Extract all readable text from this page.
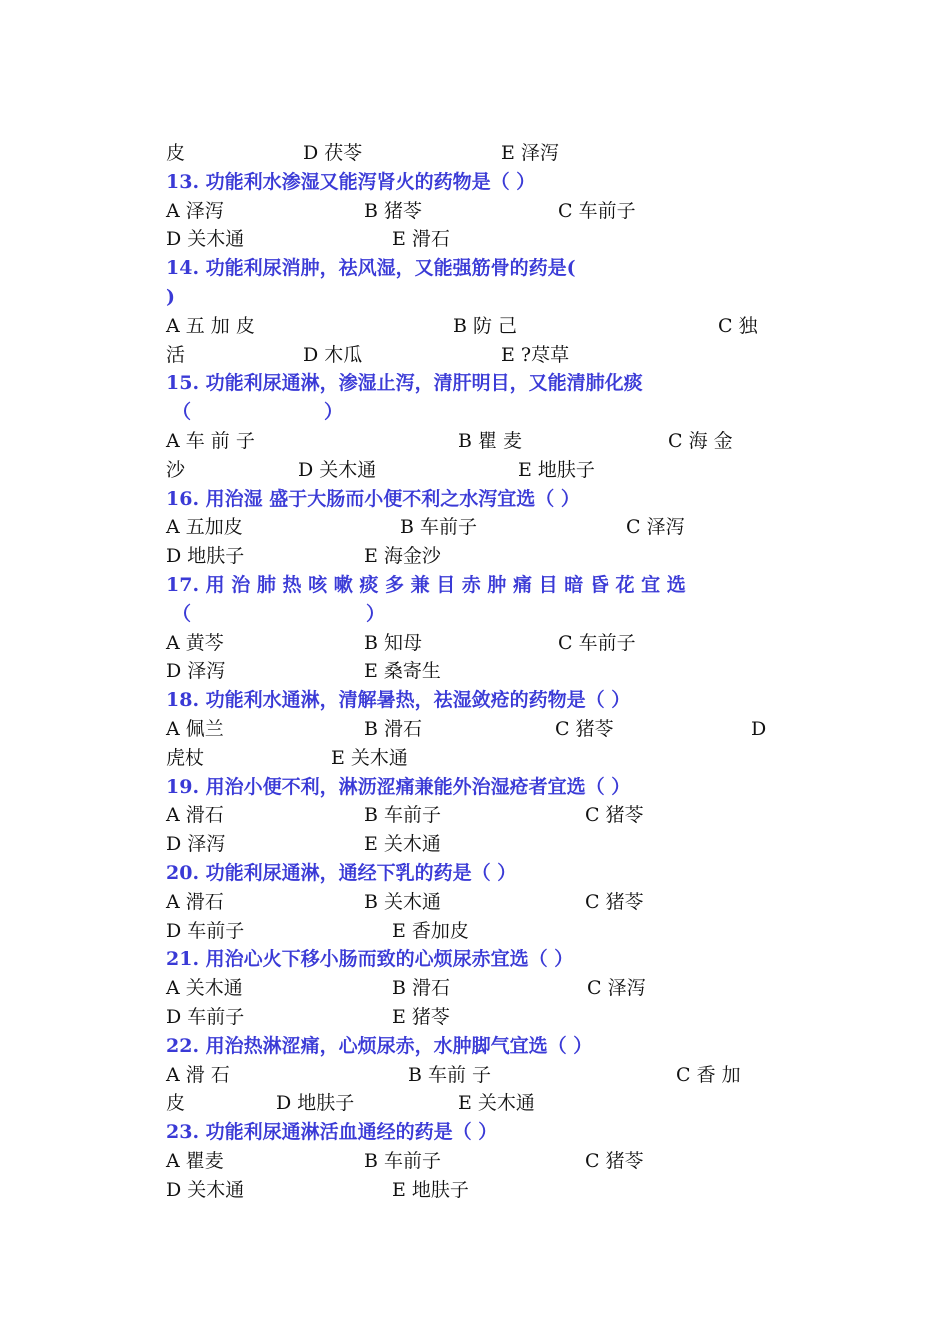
皮	D 茯苓	E 泽泻
13. 功能利水渗湿又能泻肾火的药物是（ ）
A 泽泻	B 猪苓	C 车前子
D 关木通	E 滑石
14. 功能利尿消肿，祛风湿，又能强筋骨的药是(
)
A 五 加 皮	B 防 己	C 独
活	D 木瓜	E ?荩草
15. 功能利尿通淋，渗湿止泻，清肝明目，又能清肺化痰
（	）
A 车 前 子	B 瞿 麦	C 海 金
沙	D 关木通	E 地肤子
16. 用治湿 盛于大肠而小便不利之水泻宜选（ ）
A 五加皮	B 车前子	C 泽泻
D 地肤子	E 海金沙
17. 用 治 肺 热 咳 嗽 痰 多 兼 目 赤 肿 痛 目 暗 昏 花 宜 选
（	）
A 黄芩	B 知母	C 车前子
D 泽泻	E 桑寄生
18. 功能利水通淋，清解暑热，祛湿敛疮的药物是（ ）
A 佩兰	B 滑石	C 猪苓	D
虎杖	E 关木通
19. 用治小便不利，淋沥涩痛兼能外治湿疮者宜选（ ）
A 滑石	B 车前子	C 猪苓
D 泽泻	E 关木通
20. 功能利尿通淋，通经下乳的药是（ ）
A 滑石	B 关木通	C 猪苓
D 车前子	E 香加皮
21. 用治心火下移小肠而致的心烦尿赤宜选（ ）
A 关木通	B 滑石	C 泽泻
D 车前子	E 猪苓
22. 用治热淋涩痛，心烦尿赤，水肿脚气宜选（ ）
A 滑 石	B 车前 子	C 香 加
皮	D 地肤子	E 关木通
23. 功能利尿通淋活血通经的药是（ ）
A 瞿麦	B 车前子	C 猪苓
D 关木通	E 地肤子
